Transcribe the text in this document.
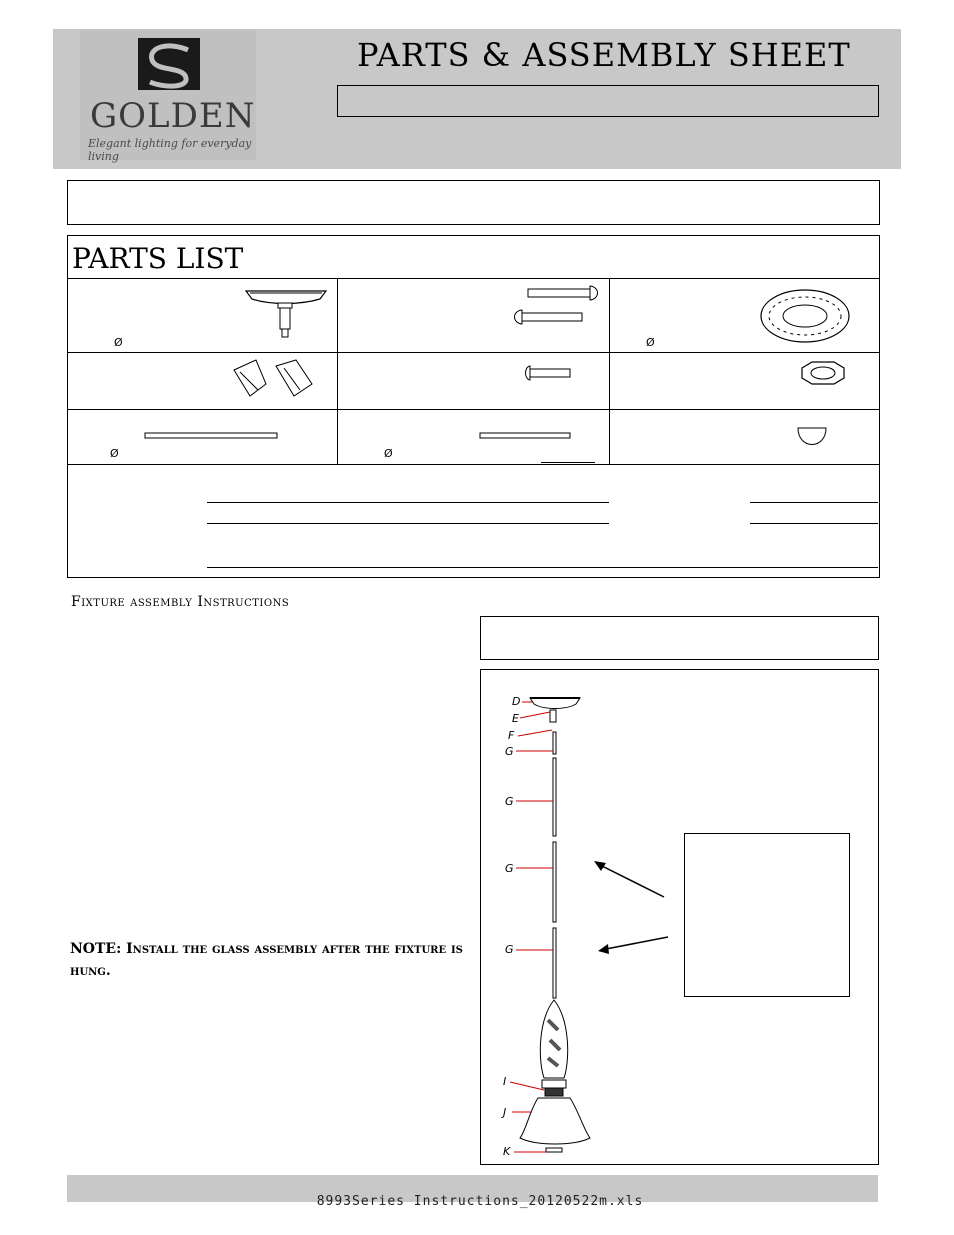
GOLDEN
Elegant lighting for everyday living
PARTS & ASSEMBLY SHEET
PARTS LIST
Ø	Ø
Ø	Ø
Fixture assembly Instructions
NOTE: Install the glass assembly after the fixture is hung.
D
E
F
G
G
G
G
I
J
K
8993Series Instructions_20120522m.xls
